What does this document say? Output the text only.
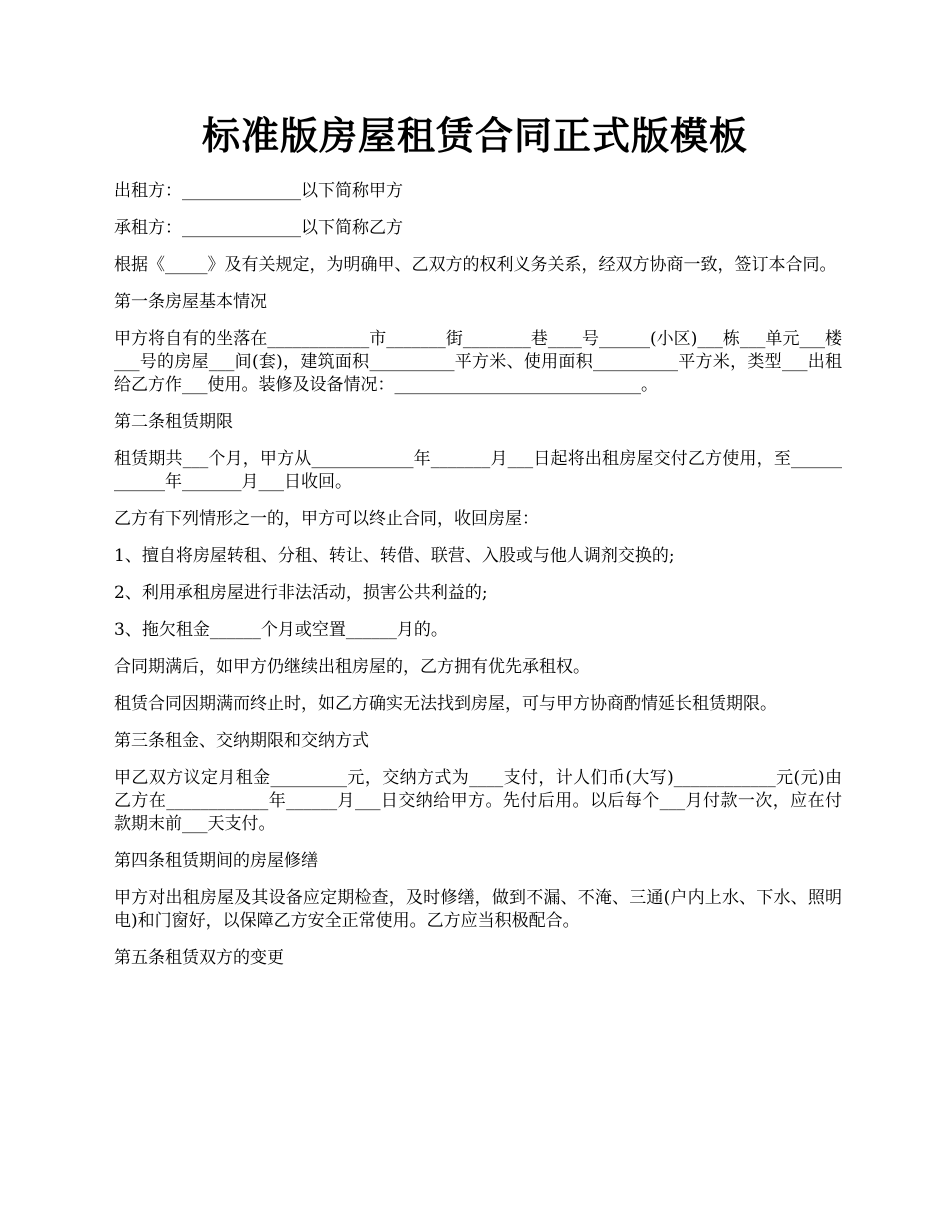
标准版房屋租赁合同正式版模板

出租方：______________以下简称甲方

承租方：______________以下简称乙方

根据《_____》及有关规定，为明确甲、乙双方的权利义务关系，经双方协商一致，签订本合同。

第一条房屋基本情况

甲方将自有的坐落在____________市_______街________巷____号______(小区)___栋___单元___楼___号的房屋___间(套)，建筑面积__________平方米、使用面积__________平方米，类型___出租给乙方作___使用。装修及设备情况：_____________________________。

第二条租赁期限

租赁期共___个月，甲方从____________年_______月___日起将出租房屋交付乙方使用，至____________年_______月___日收回。

乙方有下列情形之一的，甲方可以终止合同，收回房屋：

1、擅自将房屋转租、分租、转让、转借、联营、入股或与他人调剂交换的;

2、利用承租房屋进行非法活动，损害公共利益的;

3、拖欠租金______个月或空置______月的。

合同期满后，如甲方仍继续出租房屋的，乙方拥有优先承租权。

租赁合同因期满而终止时，如乙方确实无法找到房屋，可与甲方协商酌情延长租赁期限。

第三条租金、交纳期限和交纳方式

甲乙双方议定月租金_________元，交纳方式为____支付，计人们币(大写)____________元(元)由乙方在____________年______月___日交纳给甲方。先付后用。以后每个___月付款一次，应在付款期末前___天支付。

第四条租赁期间的房屋修缮

甲方对出租房屋及其设备应定期检查，及时修缮，做到不漏、不淹、三通(户内上水、下水、照明电)和门窗好，以保障乙方安全正常使用。乙方应当积极配合。

第五条租赁双方的变更
